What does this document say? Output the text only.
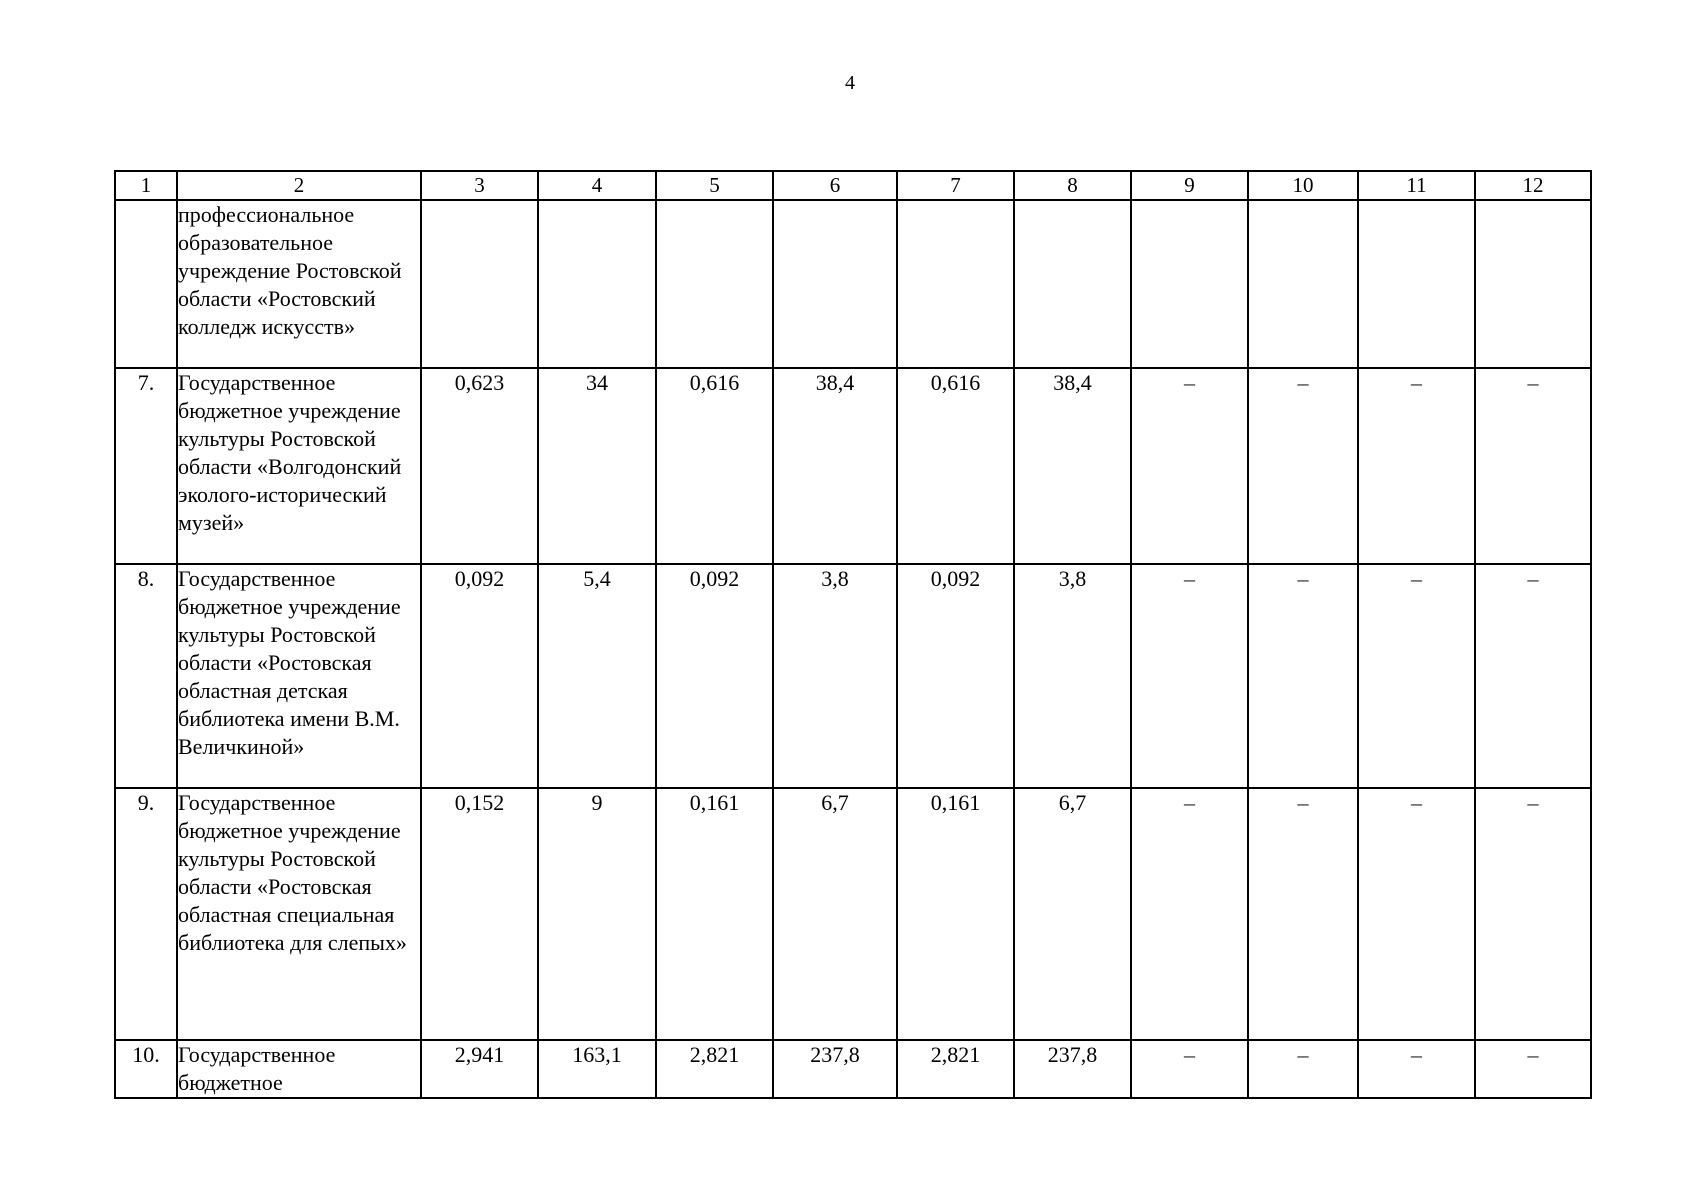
4
1	2	3	4	5	6	7	8	9	10	11	12
	профессиональное образовательное учреждение Ростовской области «Ростовский колледж искусств»										
7.	Государственное бюджетное учреждение культуры Ростовской области «Волгодонский эколого-исторический музей»	0,623	34	0,616	38,4	0,616	38,4	–	–	–	–
8.	Государственное бюджетное учреждение культуры Ростовской области «Ростовская областная детская библиотека имени В.М. Величкиной»	0,092	5,4	0,092	3,8	0,092	3,8	–	–	–	–
9.	Государственное бюджетное учреждение культуры Ростовской области «Ростовская областная специальная библиотека для слепых»	0,152	9	0,161	6,7	0,161	6,7	–	–	–	–
10.	Государственное бюджетное	2,941	163,1	2,821	237,8	2,821	237,8	–	–	–	–
